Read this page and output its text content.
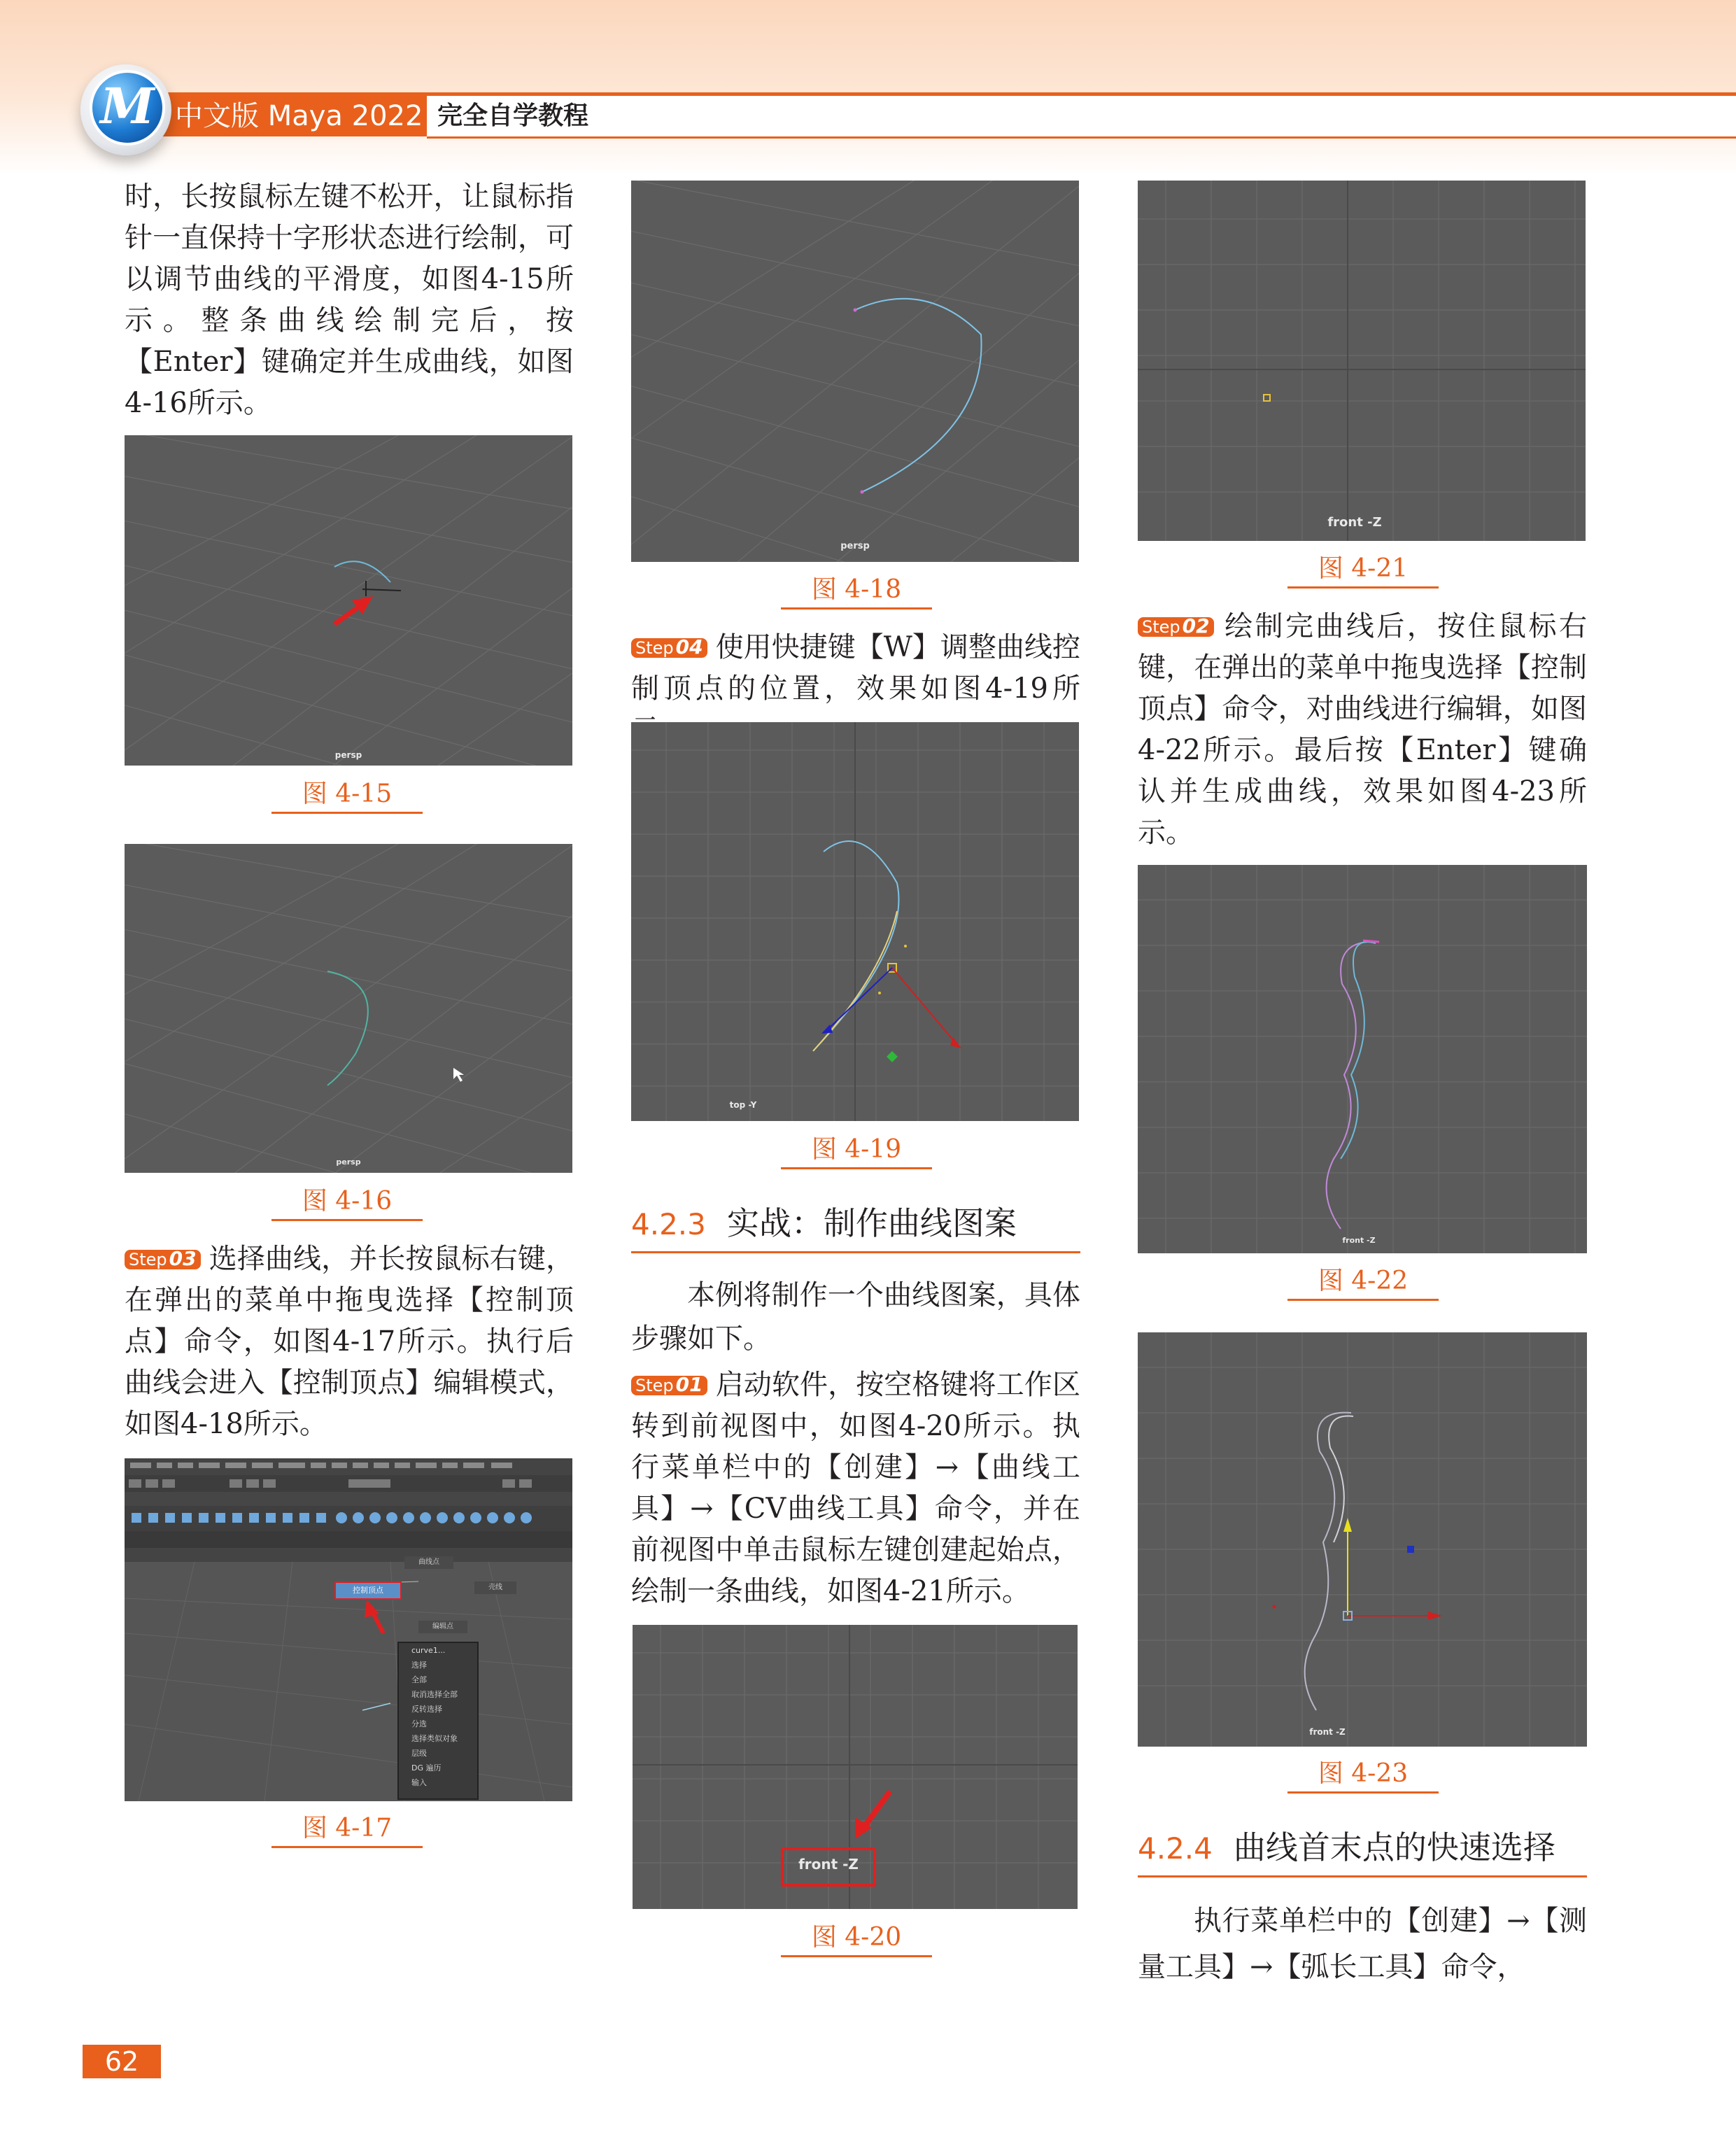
中文版 Maya 2022 完全自学教程
M
时，长按鼠标左键不松开，让鼠标指针一直保持十字形状态进行绘制，可以调节曲线的平滑度，如图4-15所示。整条曲线绘制完后，按【Enter】键确定并生成曲线，如图4-16所示。
persp
图 4-15
persp
图 4-16
Step 03 选择曲线，并长按鼠标右键，在弹出的菜单中拖曳选择【控制顶点】命令，如图4-17所示。执行后曲线会进入【控制顶点】编辑模式，如图4-18所示。
控制顶点
曲线点
壳线
编辑点
curve1...
选择
全部
取消选择全部
反转选择
分选
选择类似对象
层级
DG 遍历
输入
图 4-17
persp
图 4-18
Step 04 使用快捷键【W】调整曲线控制顶点的位置，效果如图4-19所
top -Y
图 4-19
4.2.3 实战：制作曲线图案
本例将制作一个曲线图案，具体步骤如下。
Step 01 启动软件，按空格键将工作区转到前视图中，如图4-20所示。执行菜单栏中的【创建】→【曲线工具】→【CV曲线工具】命令，并在前视图中单击鼠标左键创建起始点，绘制一条曲线，如图4-21所示。
front -Z
图 4-20
front -Z
图 4-21
Step 02 绘制完曲线后，按住鼠标右键，在弹出的菜单中拖曳选择【控制顶点】命令，对曲线进行编辑，如图4-22所示。最后按【Enter】键确认并生成曲线，效果如图4-23所示。
front -Z
图 4-22
front -Z
图 4-23
4.2.4 曲线首末点的快速选择
执行菜单栏中的【创建】→【测量工具】→【弧长工具】命令，
62
